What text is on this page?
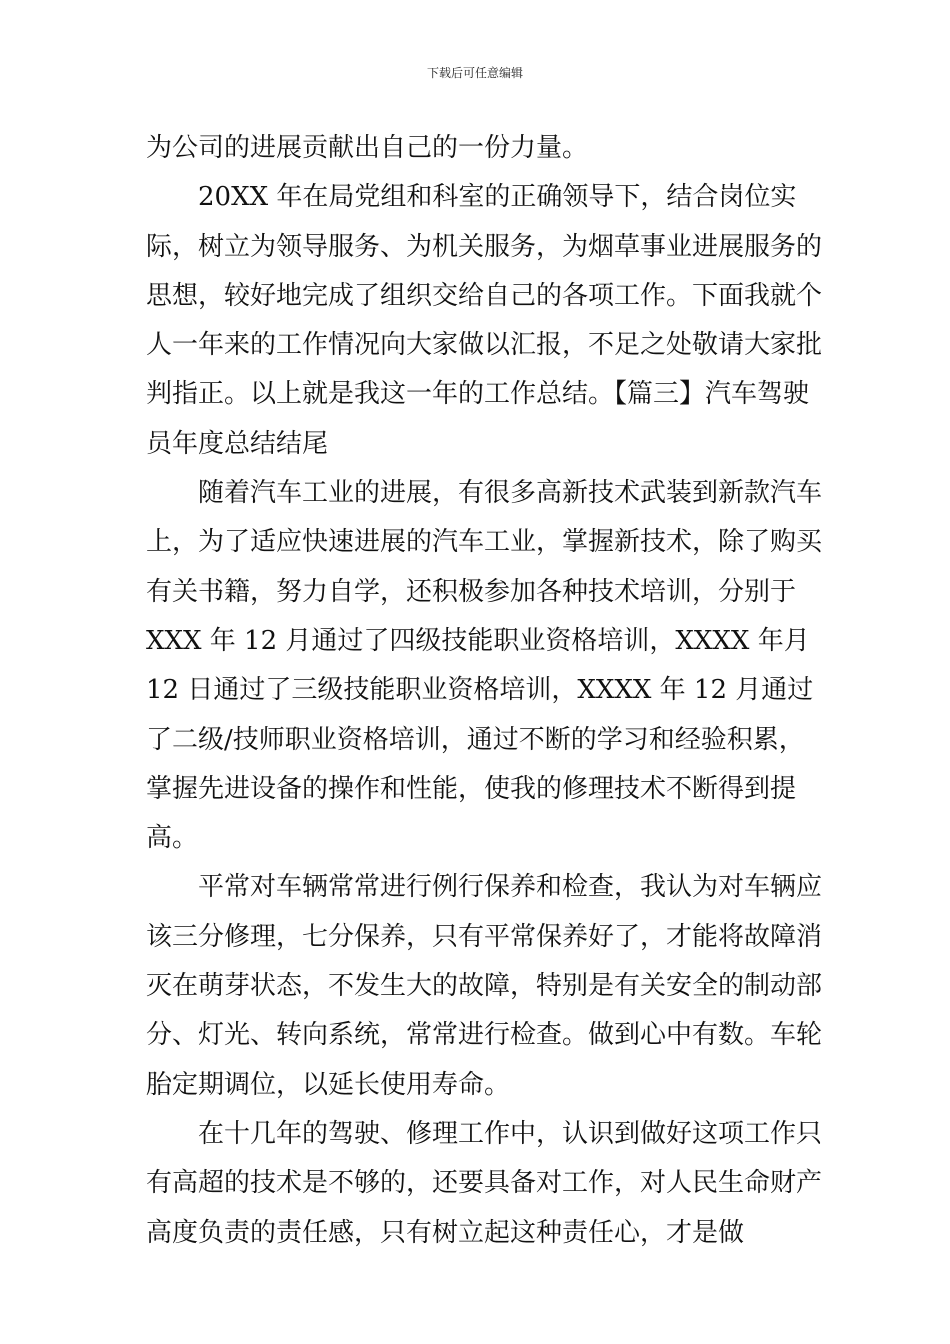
下载后可任意编辑

为公司的进展贡献出自己的一份力量。

20XX 年在局党组和科室的正确领导下，结合岗位实际，树立为领导服务、为机关服务，为烟草事业进展服务的思想，较好地完成了组织交给自己的各项工作。下面我就个人一年来的工作情况向大家做以汇报，不足之处敬请大家批判指正。以上就是我这一年的工作总结。【篇三】汽车驾驶员年度总结结尾

随着汽车工业的进展，有很多高新技术武装到新款汽车上，为了适应快速进展的汽车工业，掌握新技术，除了购买有关书籍，努力自学，还积极参加各种技术培训，分别于 XXX 年 12 月通过了四级技能职业资格培训，XXXX 年月 12 日通过了三级技能职业资格培训，XXXX 年 12 月通过了二级/技师职业资格培训，通过不断的学习和经验积累，掌握先进设备的操作和性能，使我的修理技术不断得到提高。

平常对车辆常常进行例行保养和检查，我认为对车辆应该三分修理，七分保养，只有平常保养好了，才能将故障消灭在萌芽状态，不发生大的故障，特别是有关安全的制动部分、灯光、转向系统，常常进行检查。做到心中有数。车轮胎定期调位，以延长使用寿命。

在十几年的驾驶、修理工作中，认识到做好这项工作只有高超的技术是不够的，还要具备对工作，对人民生命财产高度负责的责任感，只有树立起这种责任心，才是做
